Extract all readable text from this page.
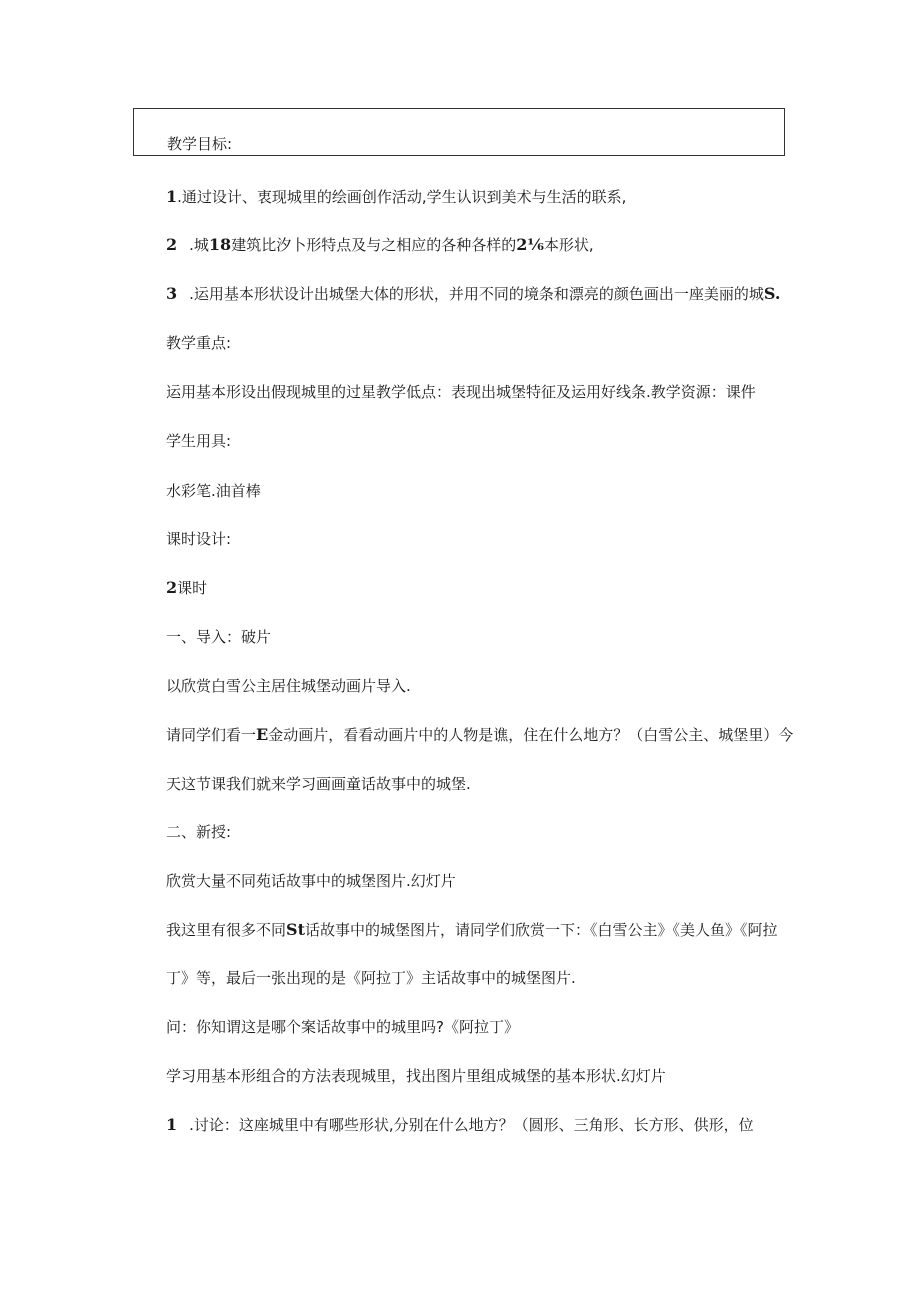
教学目标:
1.通过设计、衷现城里的绘画创作活动,学生认识到美术与生活的联系,
2 .城18建筑比汐卜形特点及与之相应的各种各样的2⅙本形状,
3 .运用基本形状设计出城堡大体的形状，并用不同的境条和漂亮的颜色画出一座美丽的城S.
教学重点:
运用基本形设出假现城里的过星教学低点：表现出城堡特征及运用好线条.教学资源：课件
学生用具:
水彩笔.油首棒
课时设计:
2课时
一、导入：破片
以欣赏白雪公主居住城堡动画片导入.
请同学们看一E金动画片，看看动画片中的人物是谯，住在什么地方？（白雪公主、城堡里）今
天这节课我们就来学习画画童话故事中的城堡.
二、新授:
欣赏大量不同苑话故事中的城堡图片.幻灯片
我这里有很多不同St话故事中的城堡图片，请同学们欣赏一下：《白雪公主》《美人鱼》《阿拉
丁》等，最后一张出现的是《阿拉丁》主话故事中的城堡图片.
问：你知谓这是哪个案话故事中的城里吗?《阿拉丁》
学习用基本形组合的方法表现城里，找出图片里组成城堡的基本形状.幻灯片
1 .讨论：这座城里中有哪些形状,分别在什么地方？（圆形、三角形、长方形、供形，位
